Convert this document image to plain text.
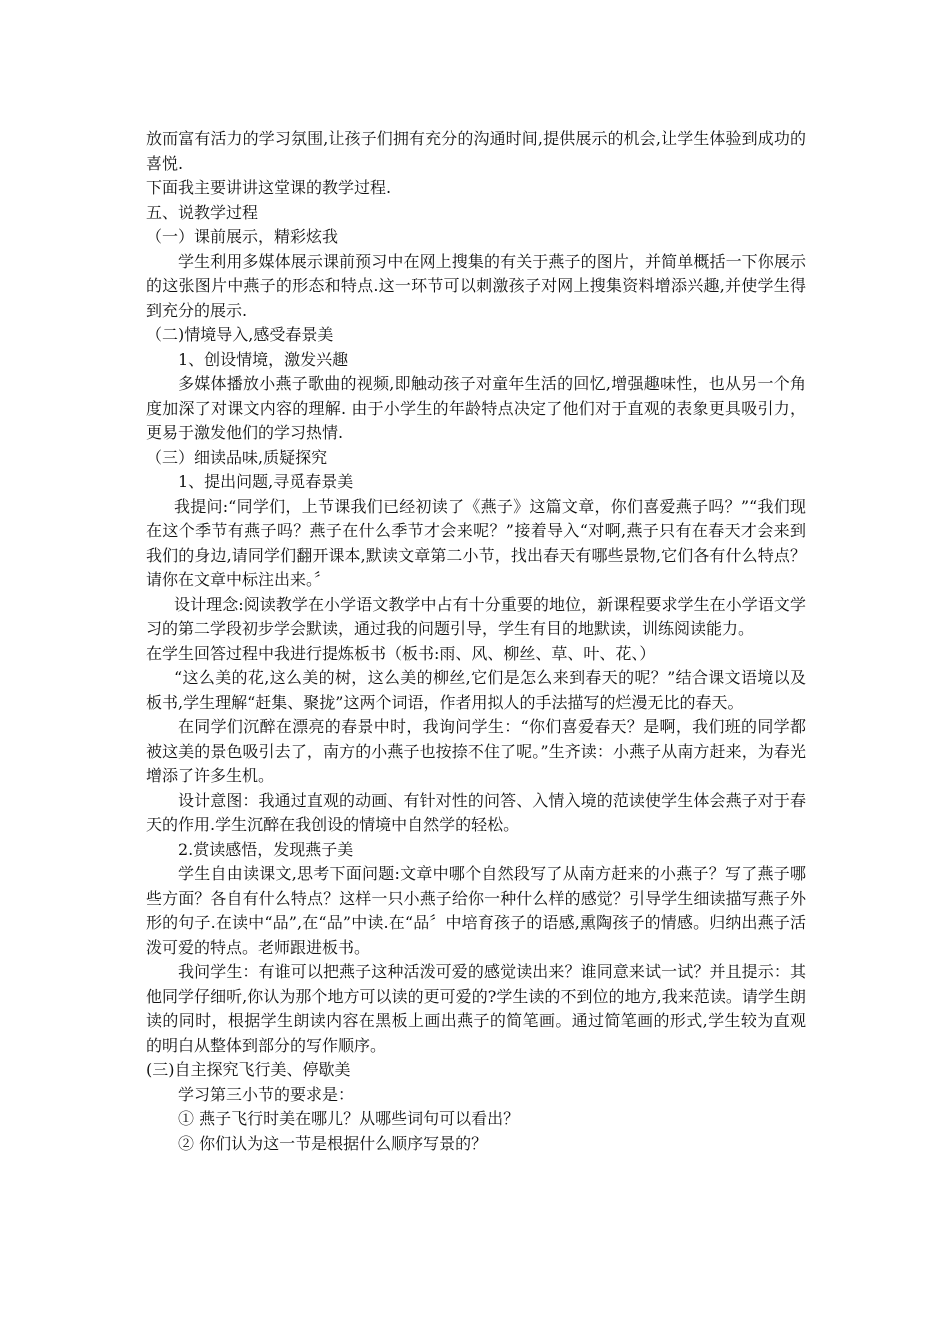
放而富有活力的学习氛围,让孩子们拥有充分的沟通时间,提供展示的机会,让学生体验到成功的喜悦.

下面我主要讲讲这堂课的教学过程.

五、说教学过程

（一）课前展示，精彩炫我

学生利用多媒体展示课前预习中在网上搜集的有关于燕子的图片，并简单概括一下你展示的这张图片中燕子的形态和特点.这一环节可以刺激孩子对网上搜集资料增添兴趣,并使学生得到充分的展示.

（二)情境导入,感受春景美

1、创设情境，激发兴趣

多媒体播放小燕子歌曲的视频,即触动孩子对童年生活的回忆,增强趣味性，也从另一个角度加深了对课文内容的理解. 由于小学生的年龄特点决定了他们对于直观的表象更具吸引力，更易于激发他们的学习热情.

（三）细读品味,质疑探究

1、提出问题,寻觅春景美

我提问:“同学们，上节课我们已经初读了《燕子》这篇文章，你们喜爱燕子吗？”“我们现在这个季节有燕子吗？燕子在什么季节才会来呢？”接着导入“对啊,燕子只有在春天才会来到我们的身边,请同学们翻开课本,默读文章第二小节，找出春天有哪些景物,它们各有什么特点？请你在文章中标注出来。〞

设计理念:阅读教学在小学语文教学中占有十分重要的地位，新课程要求学生在小学语文学习的第二学段初步学会默读，通过我的问题引导，学生有目的地默读，训练阅读能力。

在学生回答过程中我进行提炼板书（板书:雨、风、柳丝、草、叶、花、）

“这么美的花,这么美的树，这么美的柳丝,它们是怎么来到春天的呢？”结合课文语境以及板书,学生理解“赶集、聚拢”这两个词语，作者用拟人的手法描写的烂漫无比的春天。

在同学们沉醉在漂亮的春景中时，我询问学生：“你们喜爱春天？是啊，我们班的同学都被这美的景色吸引去了，南方的小燕子也按捺不住了呢。”生齐读：小燕子从南方赶来，为春光增添了许多生机。

设计意图：我通过直观的动画、有针对性的问答、入情入境的范读使学生体会燕子对于春天的作用.学生沉醉在我创设的情境中自然学的轻松。

2.赏读感悟，发现燕子美

学生自由读课文,思考下面问题:文章中哪个自然段写了从南方赶来的小燕子？写了燕子哪些方面？各自有什么特点？这样一只小燕子给你一种什么样的感觉？引导学生细读描写燕子外形的句子.在读中“品”,在“品”中读.在“品〞中培育孩子的语感,熏陶孩子的情感。归纳出燕子活泼可爱的特点。老师跟进板书。

我问学生：有谁可以把燕子这种活泼可爱的感觉读出来？谁同意来试一试？并且提示：其他同学仔细听,你认为那个地方可以读的更可爱的?学生读的不到位的地方,我来范读。请学生朗读的同时，根据学生朗读内容在黑板上画出燕子的简笔画。通过简笔画的形式,学生较为直观的明白从整体到部分的写作顺序。

(三)自主探究飞行美、停歇美

学习第三小节的要求是：

① 燕子飞行时美在哪儿？从哪些词句可以看出？

② 你们认为这一节是根据什么顺序写景的？
